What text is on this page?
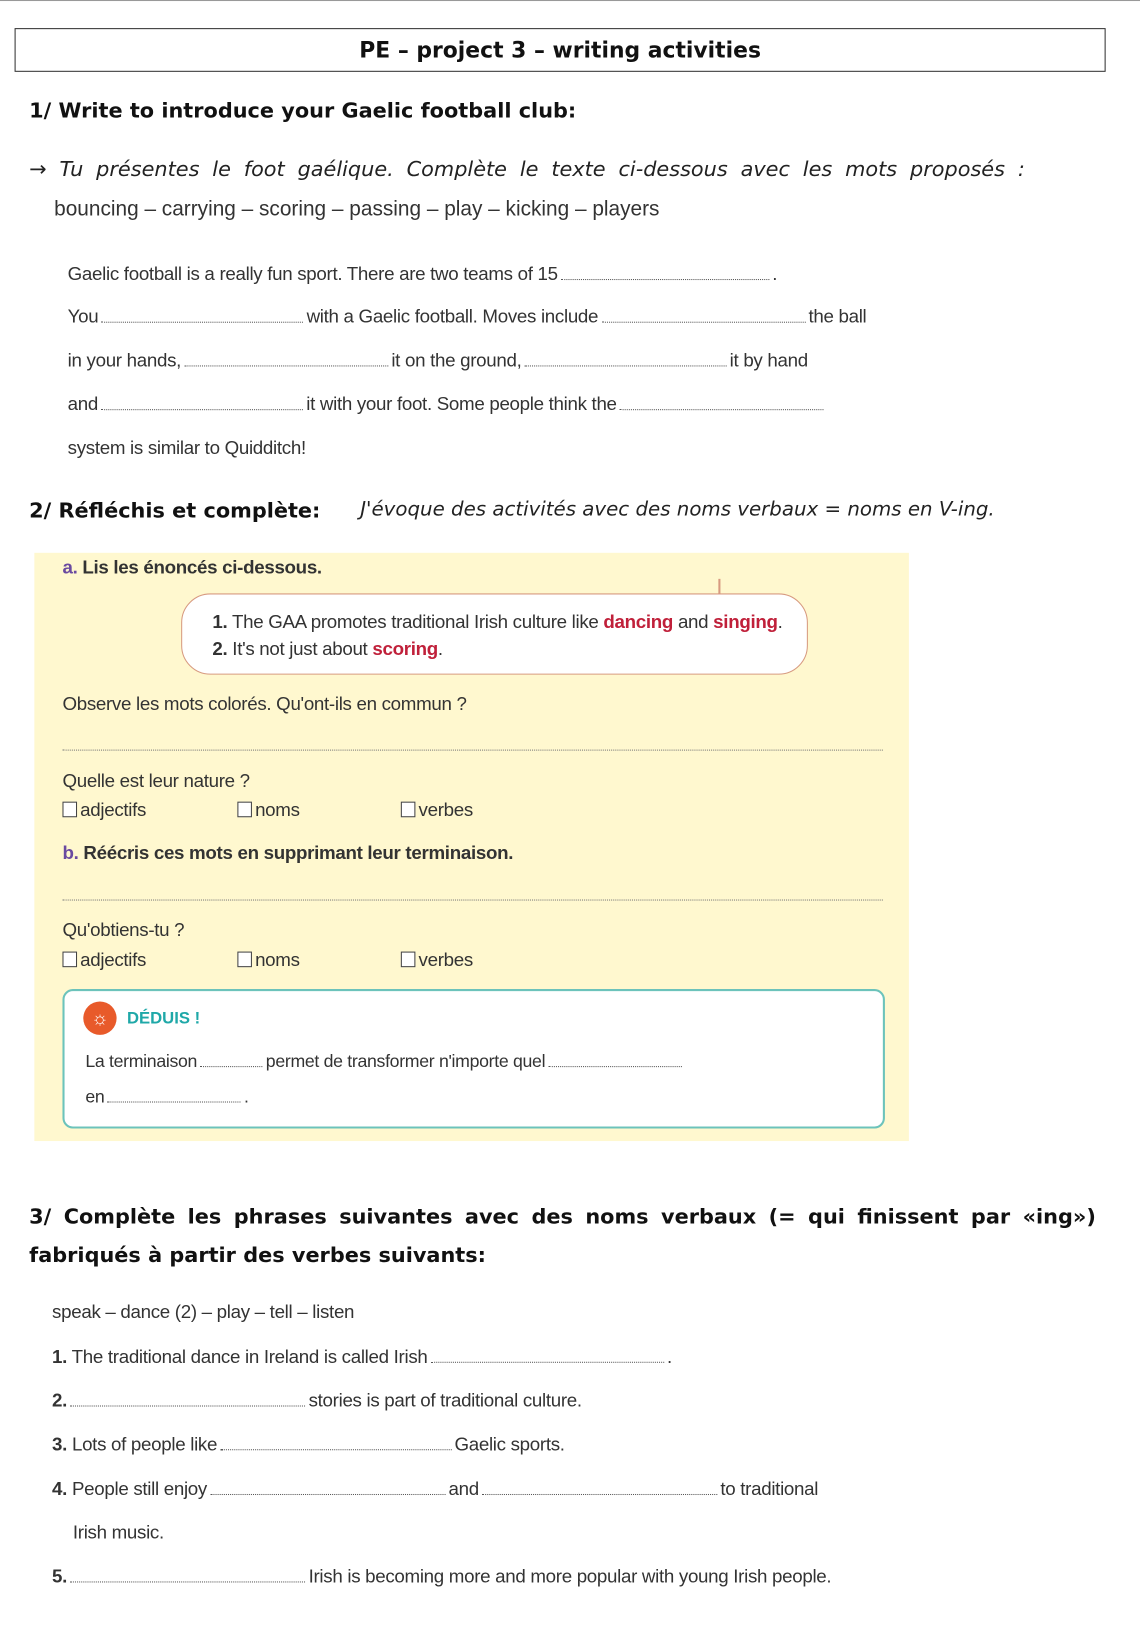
PE – project 3 – writing activities
1/ Write to introduce your Gaelic football club:
→ Tu présentes le foot gaélique. Complète le texte ci-dessous avec les mots proposés :
bouncing – carrying – scoring – passing – play – kicking – players
Gaelic football is a really fun sport. There are two teams of 15	.
You	with a Gaelic football. Moves include	the ball
in your hands,	it on the ground,	it by hand
and	it with your foot. Some people think the
system is similar to Quidditch!
2/ Réfléchis et complète: J'évoque des activités avec des noms verbaux = noms en V-ing.
a. Lis les énoncés ci-dessous.
1. The GAA promotes traditional Irish culture like dancing and singing.
2. It's not just about scoring.
Observe les mots colorés. Qu'ont-ils en commun ?
Quelle est leur nature ?
adjectifs	noms	verbes
b. Réécris ces mots en supprimant leur terminaison.
Qu'obtiens-tu ?
adjectifs	noms	verbes
☼	DÉDUIS !
La terminaison	permet de transformer n'importe quel
en	.
3/ Complète les phrases suivantes avec des noms verbaux (= qui finissent par «ing»)
fabriqués à partir des verbes suivants:
speak – dance (2) – play – tell – listen
1. The traditional dance in Ireland is called Irish	.
2.	stories is part of traditional culture.
3. Lots of people like	Gaelic sports.
4. People still enjoy	and	to traditional
Irish music.
5.	Irish is becoming more and more popular with young Irish people.
